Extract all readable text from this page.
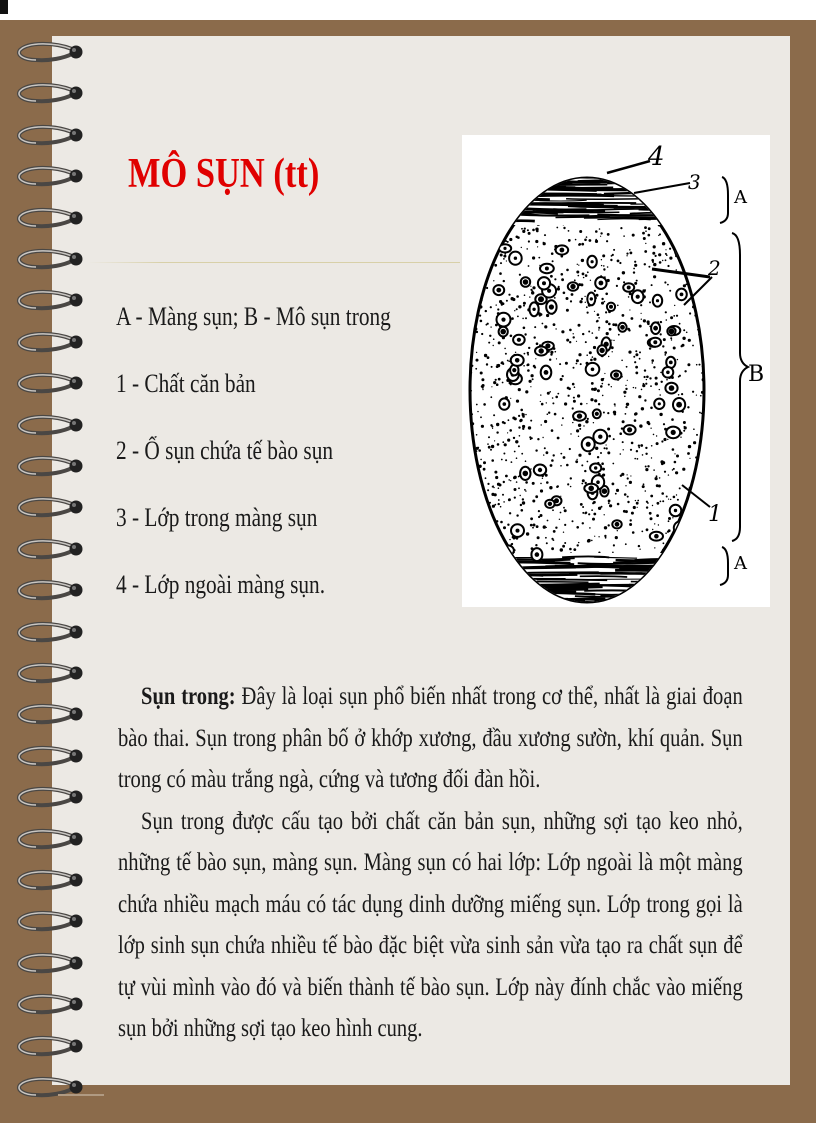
MÔ SỤN (tt)
A - Màng sụn; B - Mô sụn trong
1 - Chất căn bản
2 - Ổ sụn chứa tế bào sụn
3 - Lớp trong màng sụn
4 - Lớp ngoài màng sụn.
4
3
2
1
A
B
A

Sụn trong: Đây là loại sụn phổ biến nhất trong cơ thể, nhất là giai đoạn bào thai. Sụn trong phân bố ở khớp xương, đầu xương sườn, khí quản. Sụn trong có màu trắng ngà, cứng và tương đối đàn hồi.

Sụn trong được cấu tạo bởi chất căn bản sụn, những sợi tạo keo nhỏ, những tế bào sụn, màng sụn. Màng sụn có hai lớp: Lớp ngoài là một màng chứa nhiều mạch máu có tác dụng dinh dưỡng miếng sụn. Lớp trong gọi là lớp sinh sụn chứa nhiều tế bào đặc biệt vừa sinh sản vừa tạo ra chất sụn để tự vùi mình vào đó và biến thành tế bào sụn. Lớp này đính chắc vào miếng sụn bởi những sợi tạo keo hình cung.
